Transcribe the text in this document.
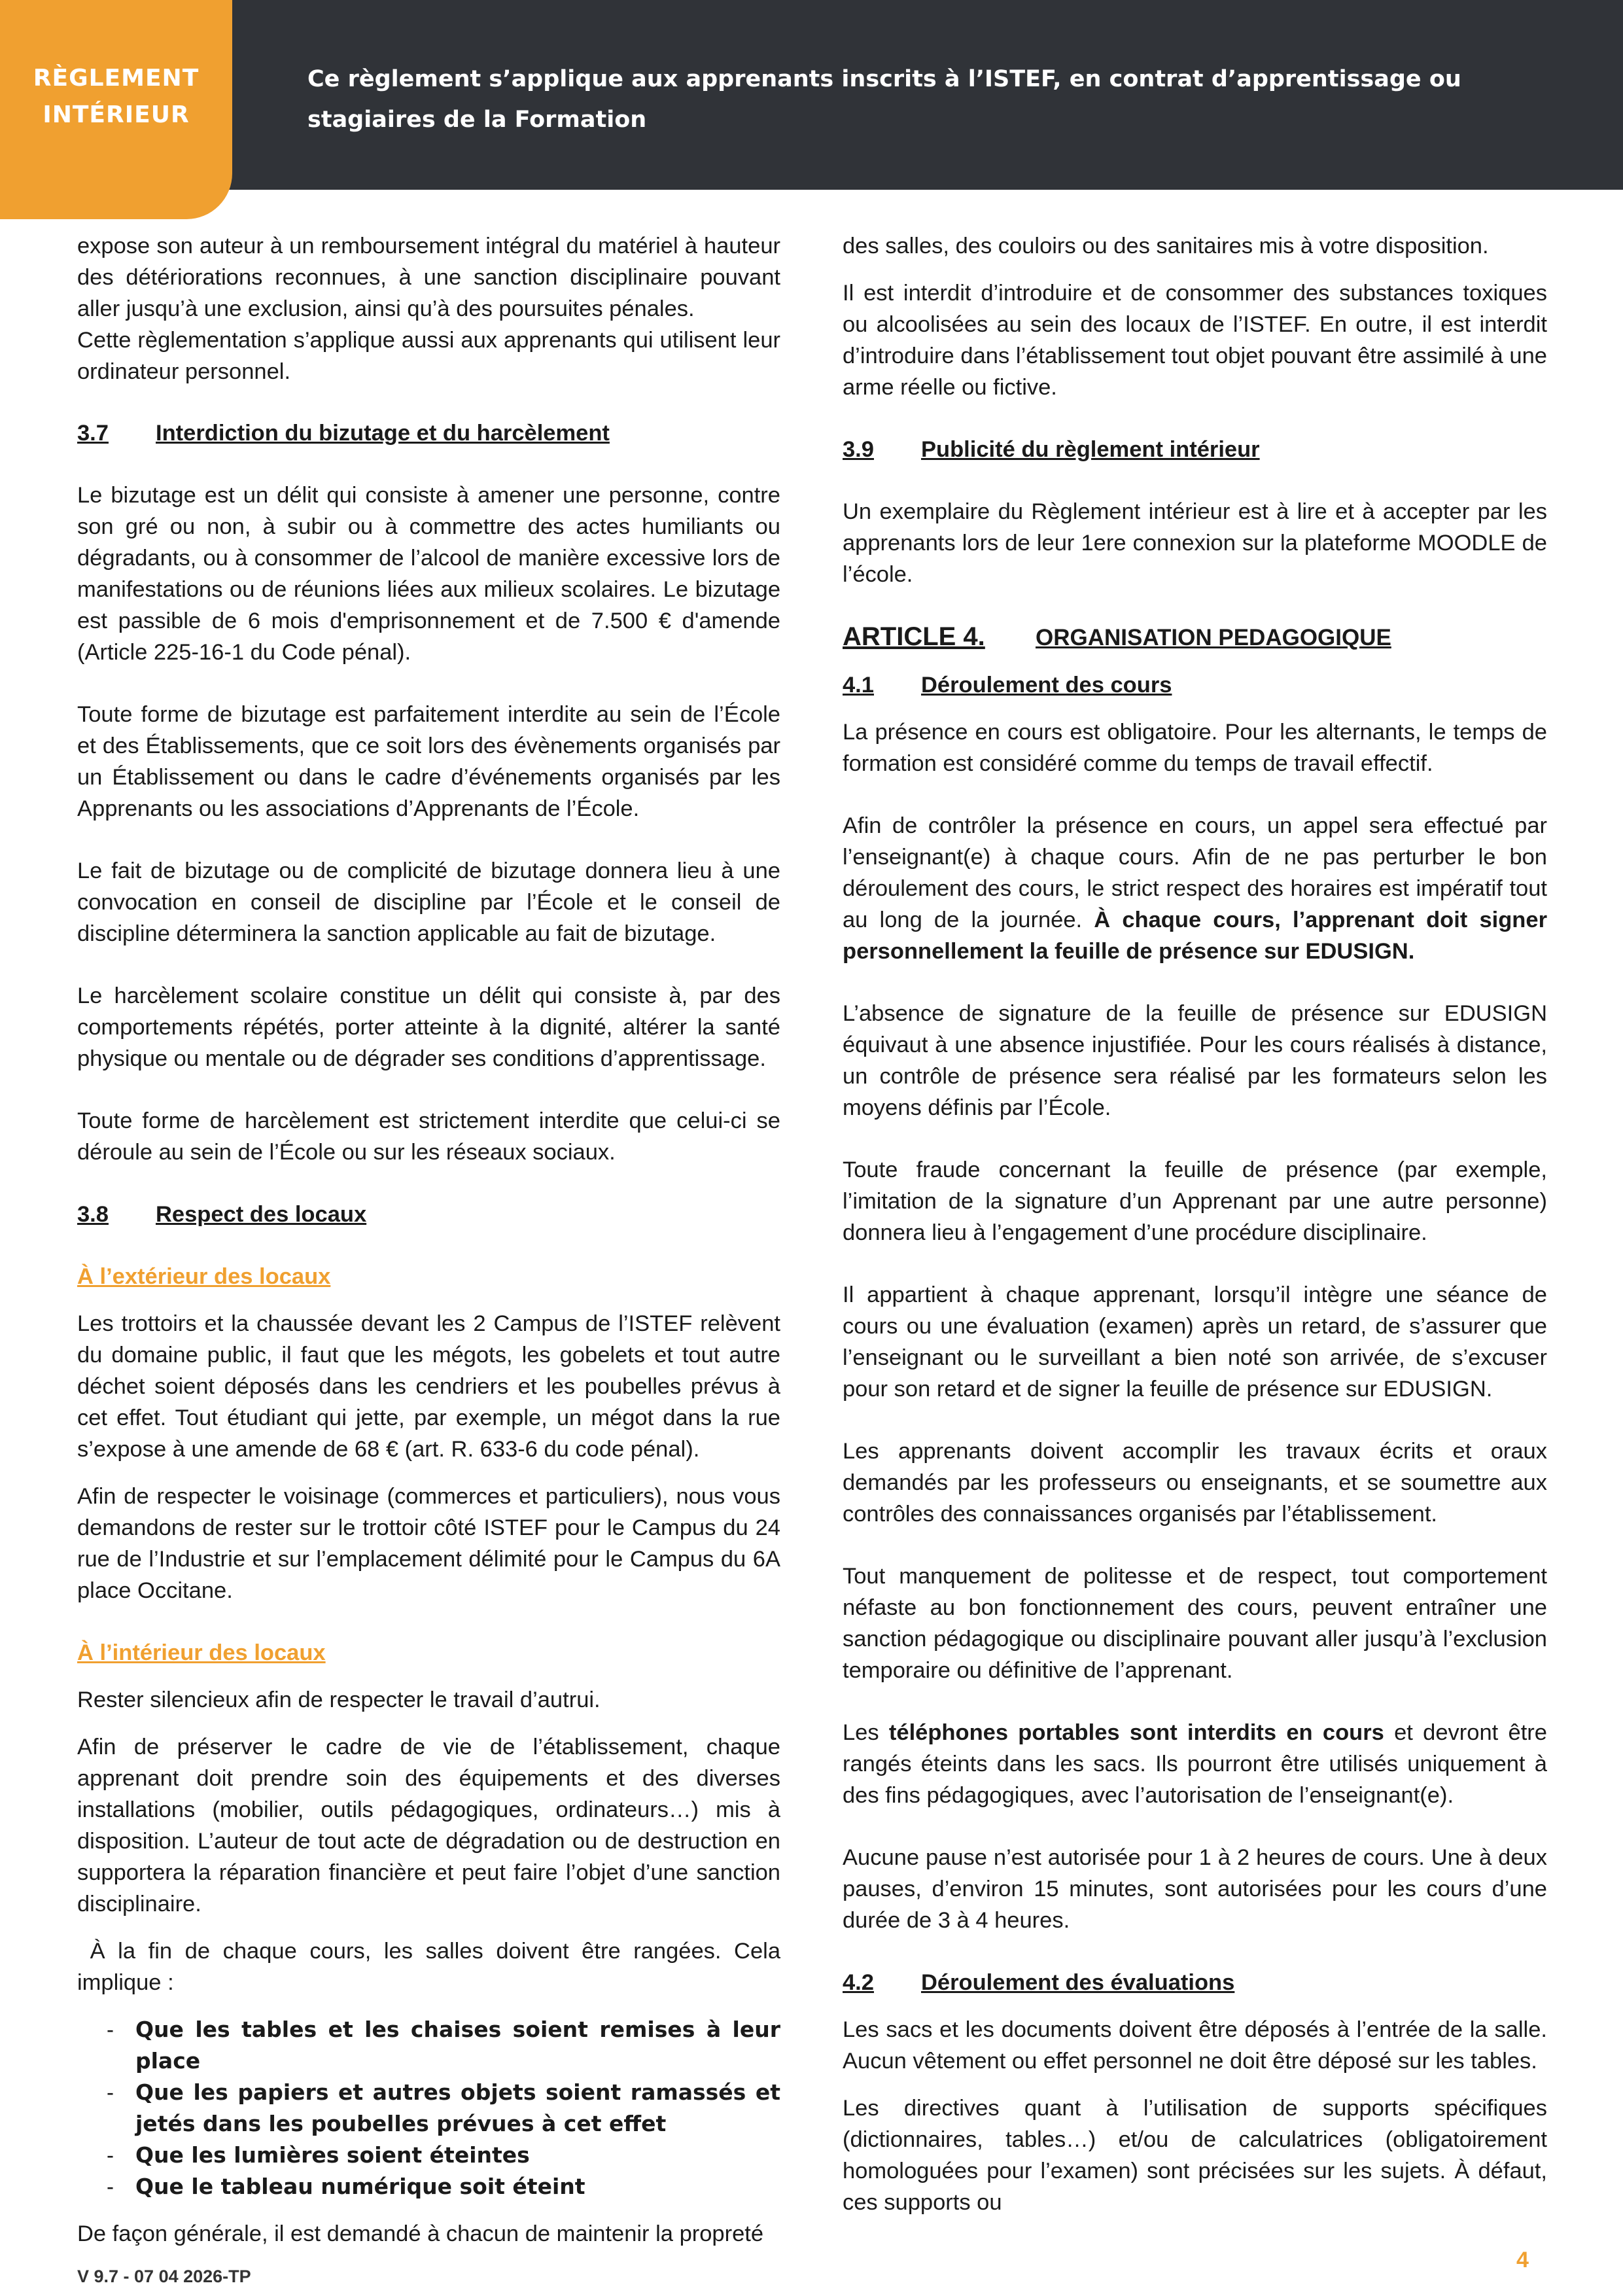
RÈGLEMENT
INTÉRIEUR
Ce règlement s’applique aux apprenants inscrits à l’ISTEF, en contrat d’apprentissage ou stagiaires de la Formation

expose son auteur à un remboursement intégral du matériel à hauteur des détériorations reconnues, à une sanction disciplinaire pouvant aller jusqu’à une exclusion, ainsi qu’à des poursuites pénales.
Cette règlementation s’applique aussi aux apprenants qui utilisent leur ordinateur personnel.

3.7	Interdiction du bizutage et du harcèlement

Le bizutage est un délit qui consiste à amener une personne, contre son gré ou non, à subir ou à commettre des actes humiliants ou dégradants, ou à consommer de l’alcool de manière excessive lors de manifestations ou de réunions liées aux milieux scolaires. Le bizutage est passible de 6 mois d'emprisonnement et de 7.500 € d'amende (Article 225-16-1 du Code pénal).

Toute forme de bizutage est parfaitement interdite au sein de l’École et des Établissements, que ce soit lors des évènements organisés par un Établissement ou dans le cadre d’événements organisés par les Apprenants ou les associations d’Apprenants de l’École.

Le fait de bizutage ou de complicité de bizutage donnera lieu à une convocation en conseil de discipline par l’École et le conseil de discipline déterminera la sanction applicable au fait de bizutage.

Le harcèlement scolaire constitue un délit qui consiste à, par des comportements répétés, porter atteinte à la dignité, altérer la santé physique ou mentale ou de dégrader ses conditions d’apprentissage.

Toute forme de harcèlement est strictement interdite que celui-ci se déroule au sein de l’École ou sur les réseaux sociaux.

3.8	Respect des locaux
À l’extérieur des locaux

Les trottoirs et la chaussée devant les 2 Campus de l’ISTEF relèvent du domaine public, il faut que les mégots, les gobelets et tout autre déchet soient déposés dans les cendriers et les poubelles prévus à cet effet. Tout étudiant qui jette, par exemple, un mégot dans la rue s’expose à une amende de 68 € (art. R. 633-6 du code pénal).

Afin de respecter le voisinage (commerces et particuliers), nous vous demandons de rester sur le trottoir côté ISTEF pour le Campus du 24 rue de l’Industrie et sur l’emplacement délimité pour le Campus du 6A place Occitane.

À l’intérieur des locaux

Rester silencieux afin de respecter le travail d’autrui.

Afin de préserver le cadre de vie de l’établissement, chaque apprenant doit prendre soin des équipements et des diverses installations (mobilier, outils pédagogiques, ordinateurs…) mis à disposition. L’auteur de tout acte de dégradation ou de destruction en supportera la réparation financière et peut faire l’objet d’une sanction disciplinaire.

À la fin de chaque cours, les salles doivent être rangées. Cela implique :

-	Que les tables et les chaises soient remises à leur place
-	Que les papiers et autres objets soient ramassés et jetés dans les poubelles prévues à cet effet
-	Que les lumières soient éteintes
-	Que le tableau numérique soit éteint

De façon générale, il est demandé à chacun de maintenir la propreté

des salles, des couloirs ou des sanitaires mis à votre disposition.

Il est interdit d’introduire et de consommer des substances toxiques ou alcoolisées au sein des locaux de l’ISTEF. En outre, il est interdit d’introduire dans l’établissement tout objet pouvant être assimilé à une arme réelle ou fictive.

3.9	Publicité du règlement intérieur

Un exemplaire du Règlement intérieur est à lire et à accepter par les apprenants lors de leur 1ere connexion sur la plateforme MOODLE de l’école.

ARTICLE 4.	ORGANISATION PEDAGOGIQUE
4.1	Déroulement des cours

La présence en cours est obligatoire. Pour les alternants, le temps de formation est considéré comme du temps de travail effectif.

Afin de contrôler la présence en cours, un appel sera effectué par l’enseignant(e) à chaque cours. Afin de ne pas perturber le bon déroulement des cours, le strict respect des horaires est impératif tout au long de la journée. À chaque cours, l’apprenant doit signer personnellement la feuille de présence sur EDUSIGN.

L’absence de signature de la feuille de présence sur EDUSIGN équivaut à une absence injustifiée. Pour les cours réalisés à distance, un contrôle de présence sera réalisé par les formateurs selon les moyens définis par l’École.

Toute fraude concernant la feuille de présence (par exemple, l’imitation de la signature d’un Apprenant par une autre personne) donnera lieu à l’engagement d’une procédure disciplinaire.

Il appartient à chaque apprenant, lorsqu’il intègre une séance de cours ou une évaluation (examen) après un retard, de s’assurer que l’enseignant ou le surveillant a bien noté son arrivée, de s’excuser pour son retard et de signer la feuille de présence sur EDUSIGN.

Les apprenants doivent accomplir les travaux écrits et oraux demandés par les professeurs ou enseignants, et se soumettre aux contrôles des connaissances organisés par l’établissement.

Tout manquement de politesse et de respect, tout comportement néfaste au bon fonctionnement des cours, peuvent entraîner une sanction pédagogique ou disciplinaire pouvant aller jusqu’à l’exclusion temporaire ou définitive de l’apprenant.

Les téléphones portables sont interdits en cours et devront être rangés éteints dans les sacs. Ils pourront être utilisés uniquement à des fins pédagogiques, avec l’autorisation de l’enseignant(e).

Aucune pause n’est autorisée pour 1 à 2 heures de cours. Une à deux pauses, d’environ 15 minutes, sont autorisées pour les cours d’une durée de 3 à 4 heures.

4.2	Déroulement des évaluations

Les sacs et les documents doivent être déposés à l’entrée de la salle. Aucun vêtement ou effet personnel ne doit être déposé sur les tables.

Les directives quant à l’utilisation de supports spécifiques (dictionnaires, tables…) et/ou de calculatrices (obligatoirement homologuées pour l’examen) sont précisées sur les sujets. À défaut, ces supports ou

V 9.7 - 07 04 2026-TP
4
